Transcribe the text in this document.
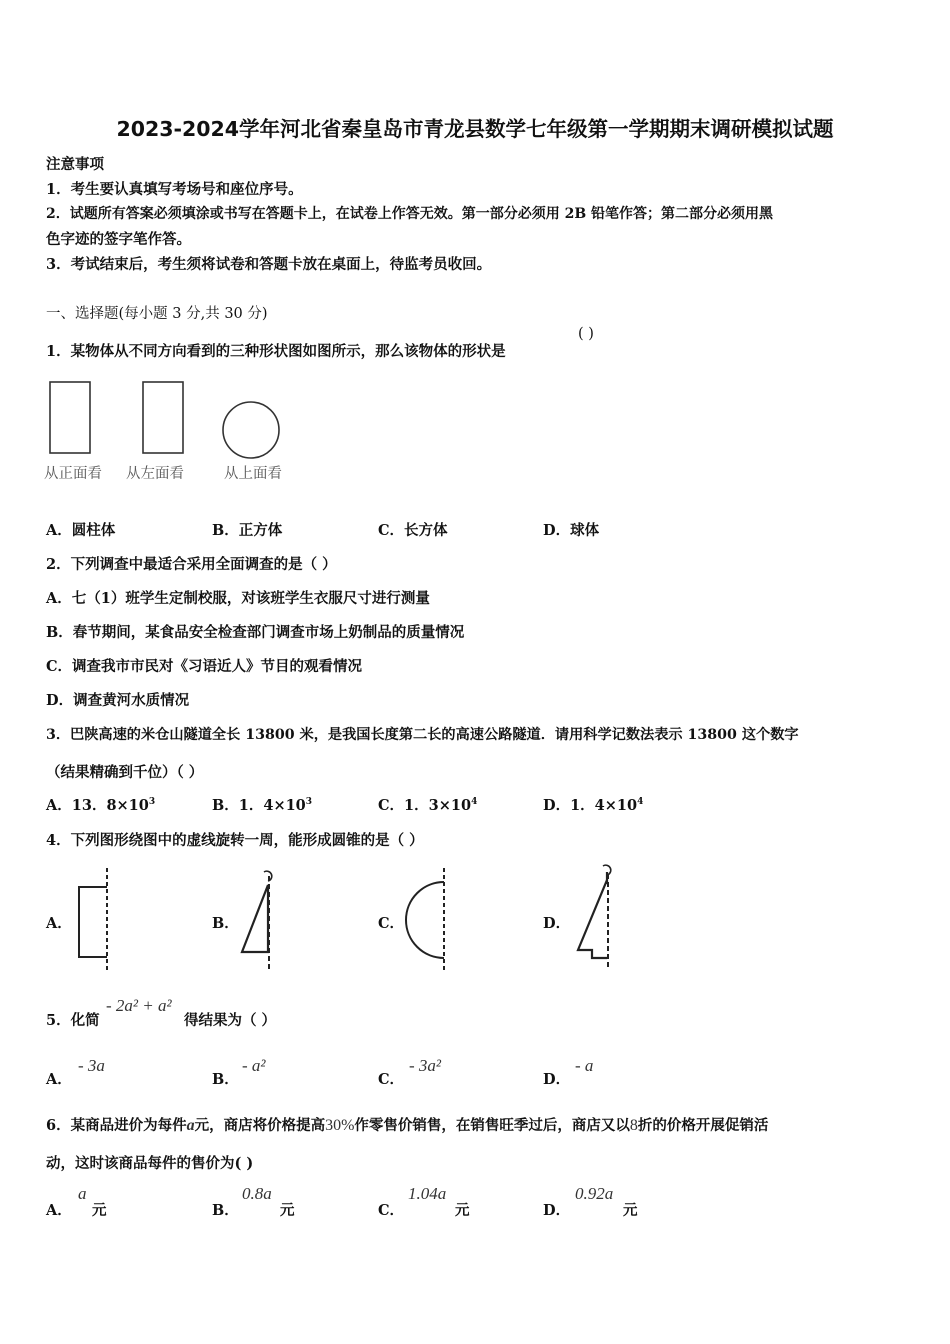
2023-2024学年河北省秦皇岛市青龙县数学七年级第一学期期末调研模拟试题
注意事项
1．考生要认真填写考场号和座位序号。
2．试题所有答案必须填涂或书写在答题卡上，在试卷上作答无效。第一部分必须用 2B 铅笔作答；第二部分必须用黑
色字迹的签字笔作答。
3．考试结束后，考生须将试卷和答题卡放在桌面上，待监考员收回。
一、选择题(每小题 3 分,共 30 分)
1．某物体从不同方向看到的三种形状图如图所示，那么该物体的形状是
( )
从正面看 从左面看	从上面看
A．圆柱体	B．正方体	C．长方体	D．球体
2．下列调查中最适合采用全面调查的是（ ）
A．七（1）班学生定制校服，对该班学生衣服尺寸进行测量
B．春节期间，某食品安全检查部门调查市场上奶制品的质量情况
C．调查我市市民对《习语近人》节目的观看情况
D．调查黄河水质情况
3．巴陕高速的米仓山隧道全长 13800 米，是我国长度第二长的高速公路隧道．请用科学记数法表示 13800 这个数字
（结果精确到千位）（ ）
A．13．$8\times 10^3$	B．1．$4\times 10^3$	C．1．$3\times 10^4$	D．1．$4\times 10^4$
4．下列图形绕图中的虚线旋转一周，能形成圆锥的是（ ）
A．	B．	C．	D．
5．化简
- 2a² + a²
得结果为（ ）
A．
- 3a
B．
- a²
C．
- 3a²
D．
- a
6．某商品进价为每件a元，商店将价格提高30%作零售价销售，在销售旺季过后，商店又以8折的价格开展促销活
动，这时该商品每件的售价为( )
A．
a
元	B．
0.8a
元	C．
1.04a
元	D．
0.92a
元
